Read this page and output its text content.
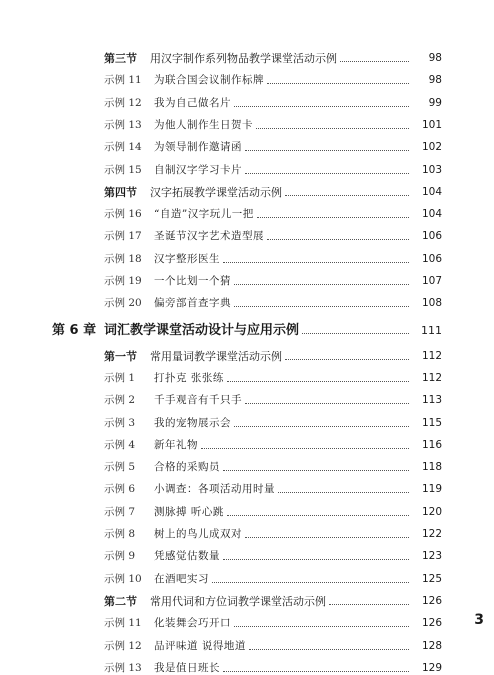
第三节	用汉字制作系列物品教学课堂活动示例	98
示例 11	为联合国会议制作标牌	98
示例 12	我为自己做名片	99
示例 13	为他人制作生日贺卡	101
示例 14	为领导制作邀请函	102
示例 15	自制汉字学习卡片	103
第四节	汉字拓展教学课堂活动示例	104
示例 16	“自造”汉字玩儿一把	104
示例 17	圣诞节汉字艺术造型展	106
示例 18	汉字整形医生	106
示例 19	一个比划一个猜	107
示例 20	偏旁部首查字典	108
第 6 章 词汇教学课堂活动设计与应用示例	111
第一节	常用量词教学课堂活动示例	112
示例 1	打扑克 张张练	112
示例 2	千手观音有千只手	113
示例 3	我的宠物展示会	115
示例 4	新年礼物	116
示例 5	合格的采购员	118
示例 6	小调查：各项活动用时量	119
示例 7	测脉搏 听心跳	120
示例 8	树上的鸟儿成双对	122
示例 9	凭感觉估数量	123
示例 10	在酒吧实习	125
第二节	常用代词和方位词教学课堂活动示例	126
示例 11	化装舞会巧开口	126
示例 12	品评味道 说得地道	128
示例 13	我是值日班长	129
3
